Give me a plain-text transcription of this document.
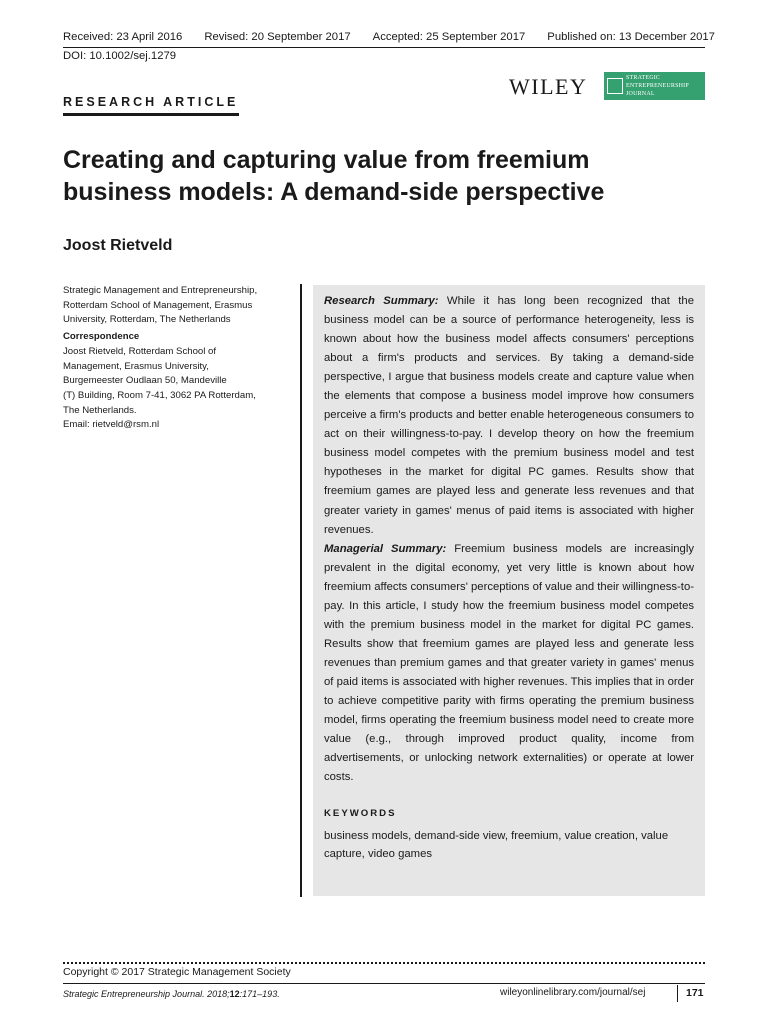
Received: 23 April 2016 Revised: 20 September 2017 Accepted: 25 September 2017 Published on: 13 December 2017
DOI: 10.1002/sej.1279
WILEY	STRATEGIC
ENTREPRENEURSHIP
JOURNAL
RESEARCH ARTICLE
Creating and capturing value from freemium
business models: A demand-side perspective
Joost Rietveld

Strategic Management and Entrepreneurship,
Rotterdam School of Management, Erasmus
University, Rotterdam, The Netherlands

Correspondence

Joost Rietveld, Rotterdam School of
Management, Erasmus University,
Burgemeester Oudlaan 50, Mandeville
(T) Building, Room 7-41, 3062 PA Rotterdam,
The Netherlands.
Email: rietveld@rsm.nl

Research Summary: While it has long been recognized that the business model can be a source of performance heterogeneity, less is known about how the business model affects consumers' perceptions about a firm's products and services. By taking a demand-side perspective, I argue that business models create and capture value when the elements that compose a business model improve how consumers perceive a firm's products and better enable heterogeneous consumers to act on their willingness-to-pay. I develop theory on how the freemium business model competes with the premium business model and test hypotheses in the market for digital PC games. Results show that freemium games are played less and generate less revenues and that greater variety in games' menus of paid items is associated with higher revenues.

Managerial Summary: Freemium business models are increasingly prevalent in the digital economy, yet very little is known about how freemium affects consumers' perceptions of value and their willingness-to-pay. In this article, I study how the freemium business model competes with the premium business model in the market for digital PC games. Results show that freemium games are played less and generate less revenues than premium games and that greater variety in games' menus of paid items is associated with higher revenues. This implies that in order to achieve competitive parity with firms operating the premium business model, firms operating the freemium business model need to create more value (e.g., through improved product quality, income from advertisements, or unlocking network externalities) or operate at lower costs.

KEYWORDS

business models, demand-side view, freemium, value creation, value capture, video games

Copyright © 2017 Strategic Management Society
Strategic Entrepreneurship Journal. 2018;12:171–193.	wileyonlinelibrary.com/journal/sej	171
